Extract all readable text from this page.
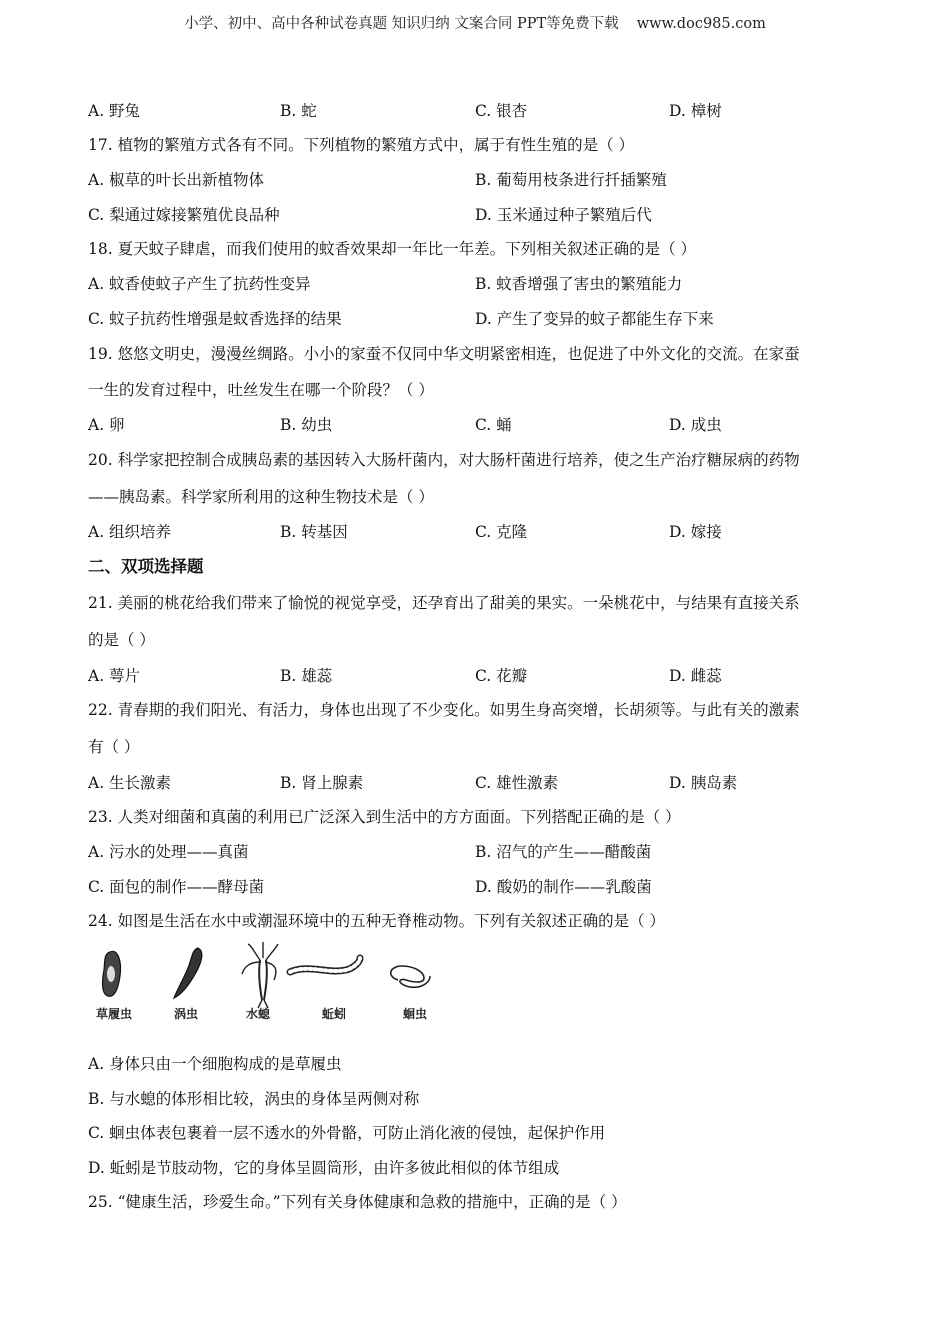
小学、初中、高中各种试卷真题 知识归纳 文案合同 PPT等免费下载 www.doc985.com
A. 野兔	B. 蛇	C. 银杏	D. 樟树
17. 植物的繁殖方式各有不同。下列植物的繁殖方式中，属于有性生殖的是（ ）
A. 椒草的叶长出新植物体	B. 葡萄用枝条进行扦插繁殖
C. 梨通过嫁接繁殖优良品种	D. 玉米通过种子繁殖后代
18. 夏天蚊子肆虐，而我们使用的蚊香效果却一年比一年差。下列相关叙述正确的是（ ）
A. 蚊香使蚊子产生了抗药性变异	B. 蚊香增强了害虫的繁殖能力
C. 蚊子抗药性增强是蚊香选择的结果	D. 产生了变异的蚊子都能生存下来
19. 悠悠文明史，漫漫丝绸路。小小的家蚕不仅同中华文明紧密相连，也促进了中外文化的交流。在家蚕
一生的发育过程中，吐丝发生在哪一个阶段？（ ）
A. 卵	B. 幼虫	C. 蛹	D. 成虫
20. 科学家把控制合成胰岛素的基因转入大肠杆菌内，对大肠杆菌进行培养，使之生产治疗糖尿病的药物
——胰岛素。科学家所利用的这种生物技术是（ ）
A. 组织培养	B. 转基因	C. 克隆	D. 嫁接
二、双项选择题
21. 美丽的桃花给我们带来了愉悦的视觉享受，还孕育出了甜美的果实。一朵桃花中，与结果有直接关系
的是（ ）
A. 萼片	B. 雄蕊	C. 花瓣	D. 雌蕊
22. 青春期的我们阳光、有活力，身体也出现了不少变化。如男生身高突增，长胡须等。与此有关的激素
有（ ）
A. 生长激素	B. 肾上腺素	C. 雄性激素	D. 胰岛素
23. 人类对细菌和真菌的利用已广泛深入到生活中的方方面面。下列搭配正确的是（ ）
A. 污水的处理——真菌	B. 沼气的产生——醋酸菌
C. 面包的制作——酵母菌	D. 酸奶的制作——乳酸菌
24. 如图是生活在水中或潮湿环境中的五种无脊椎动物。下列有关叙述正确的是（ ）
草履虫	涡虫	水螅	蚯蚓	蛔虫
A. 身体只由一个细胞构成的是草履虫
B. 与水螅的体形相比较，涡虫的身体呈两侧对称
C. 蛔虫体表包裹着一层不透水的外骨骼，可防止消化液的侵蚀，起保护作用
D. 蚯蚓是节肢动物，它的身体呈圆筒形，由许多彼此相似的体节组成
25. “健康生活，珍爱生命。”下列有关身体健康和急救的措施中，正确的是（ ）
